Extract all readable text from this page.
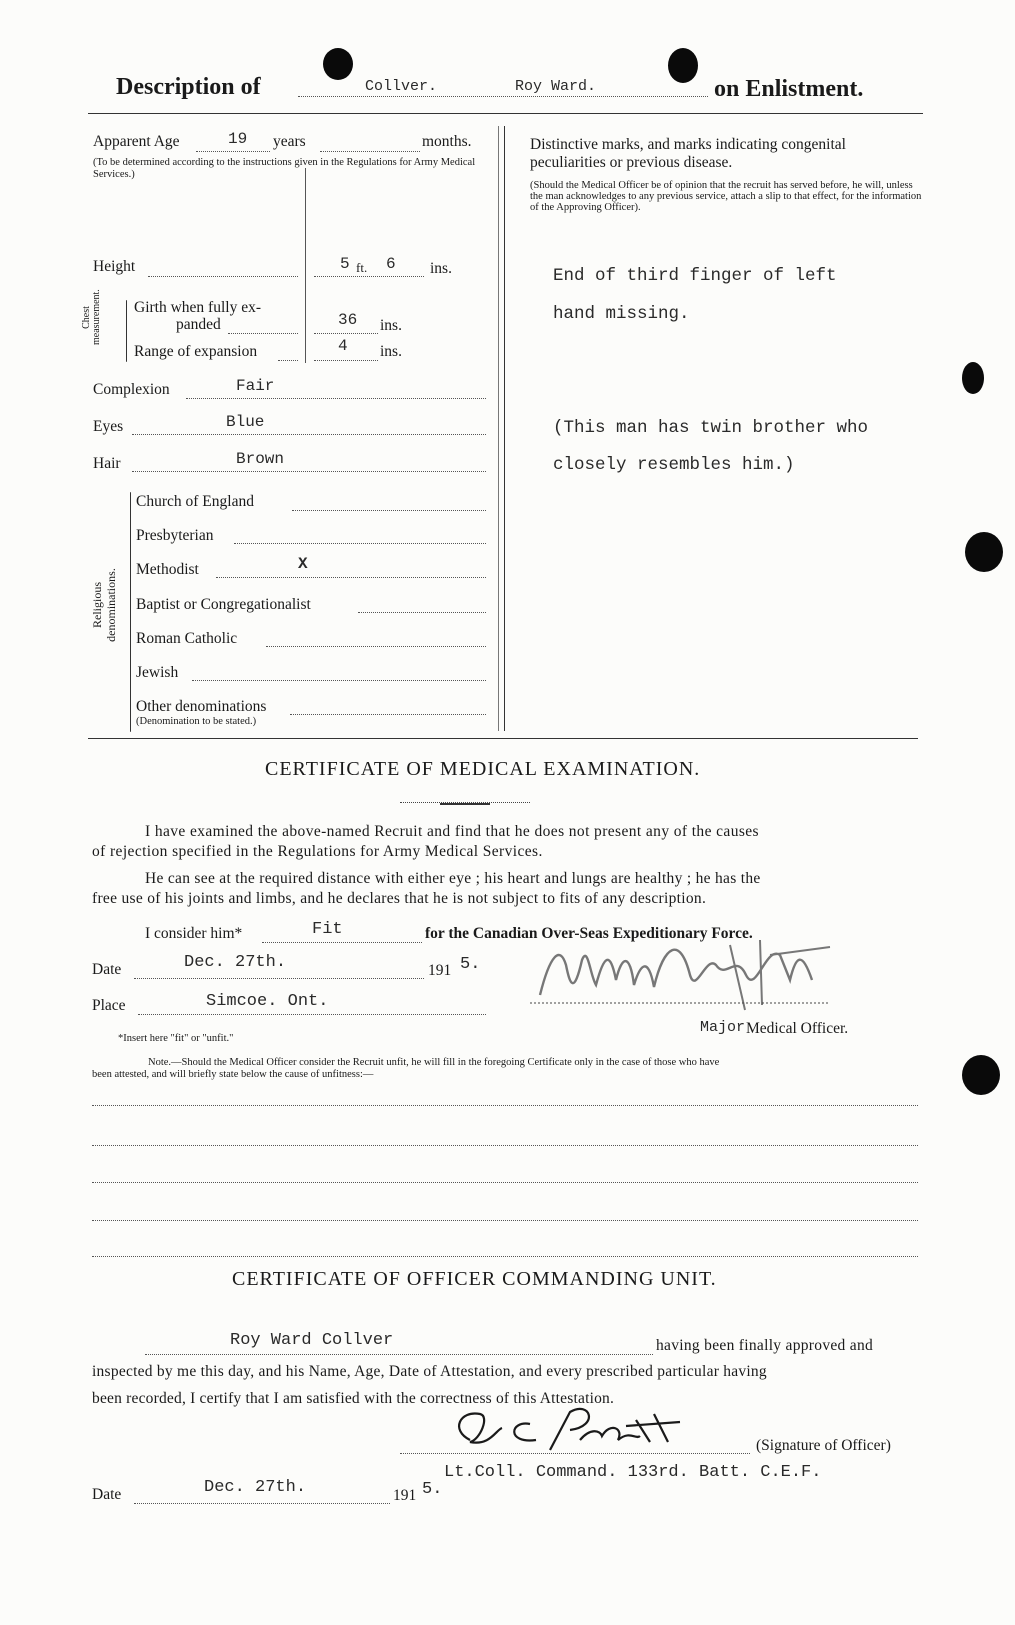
Description of	Collver.	Roy Ward.	on Enlistment.
Apparent Age	19 years	months.
(To be determined according to the instructions given in the Regulations for Army Medical Services.)
Height	5 ft. 6 ins.
Chest measurement. Girth when fully ex-
panded	36 ins.
Range of expansion	4 ins.
Complexion	Fair
Eyes	Blue
Hair	Brown
Religious denominations.
Church of England
Presbyterian
Methodist	X
Baptist or Congregationalist
Roman Catholic
Jewish
Other denominations
(Denomination to be stated.)
Distinctive marks, and marks indicating congenital
peculiarities or previous disease.
(Should the Medical Officer be of opinion that the recruit has served before, he will, unless the man acknowledges to any previous service, attach a slip to that effect, for the information of the Approving Officer).
End of third finger of left
hand missing.
(This man has twin brother who
closely resembles him.)
CERTIFICATE OF MEDICAL EXAMINATION.
I have examined the above-named Recruit and find that he does not present any of the causes
of rejection specified in the Regulations for Army Medical Services.
He can see at the required distance with either eye ; his heart and lungs are healthy ; he has the
free use of his joints and limbs, and he declares that he is not subject to fits of any description.
I consider him*	Fit	for the Canadian Over-Seas Expeditionary Force.
Date	Dec. 27th.	191 5.
Place	Simcoe. Ont.
Major Medical Officer.
*Insert here "fit" or "unfit."
Note.—Should the Medical Officer consider the Recruit unfit, he will fill in the foregoing Certificate only in the case of those who have
been attested, and will briefly state below the cause of unfitness:—
CERTIFICATE OF OFFICER COMMANDING UNIT.
Roy Ward Collver	having been finally approved and
inspected by me this day, and his Name, Age, Date of Attestation, and every prescribed particular having
been recorded, I certify that I am satisfied with the correctness of this Attestation.
(Signature of Officer)
Lt.Coll. Command. 133rd. Batt. C.E.F.
Date	Dec. 27th.	191 5.
